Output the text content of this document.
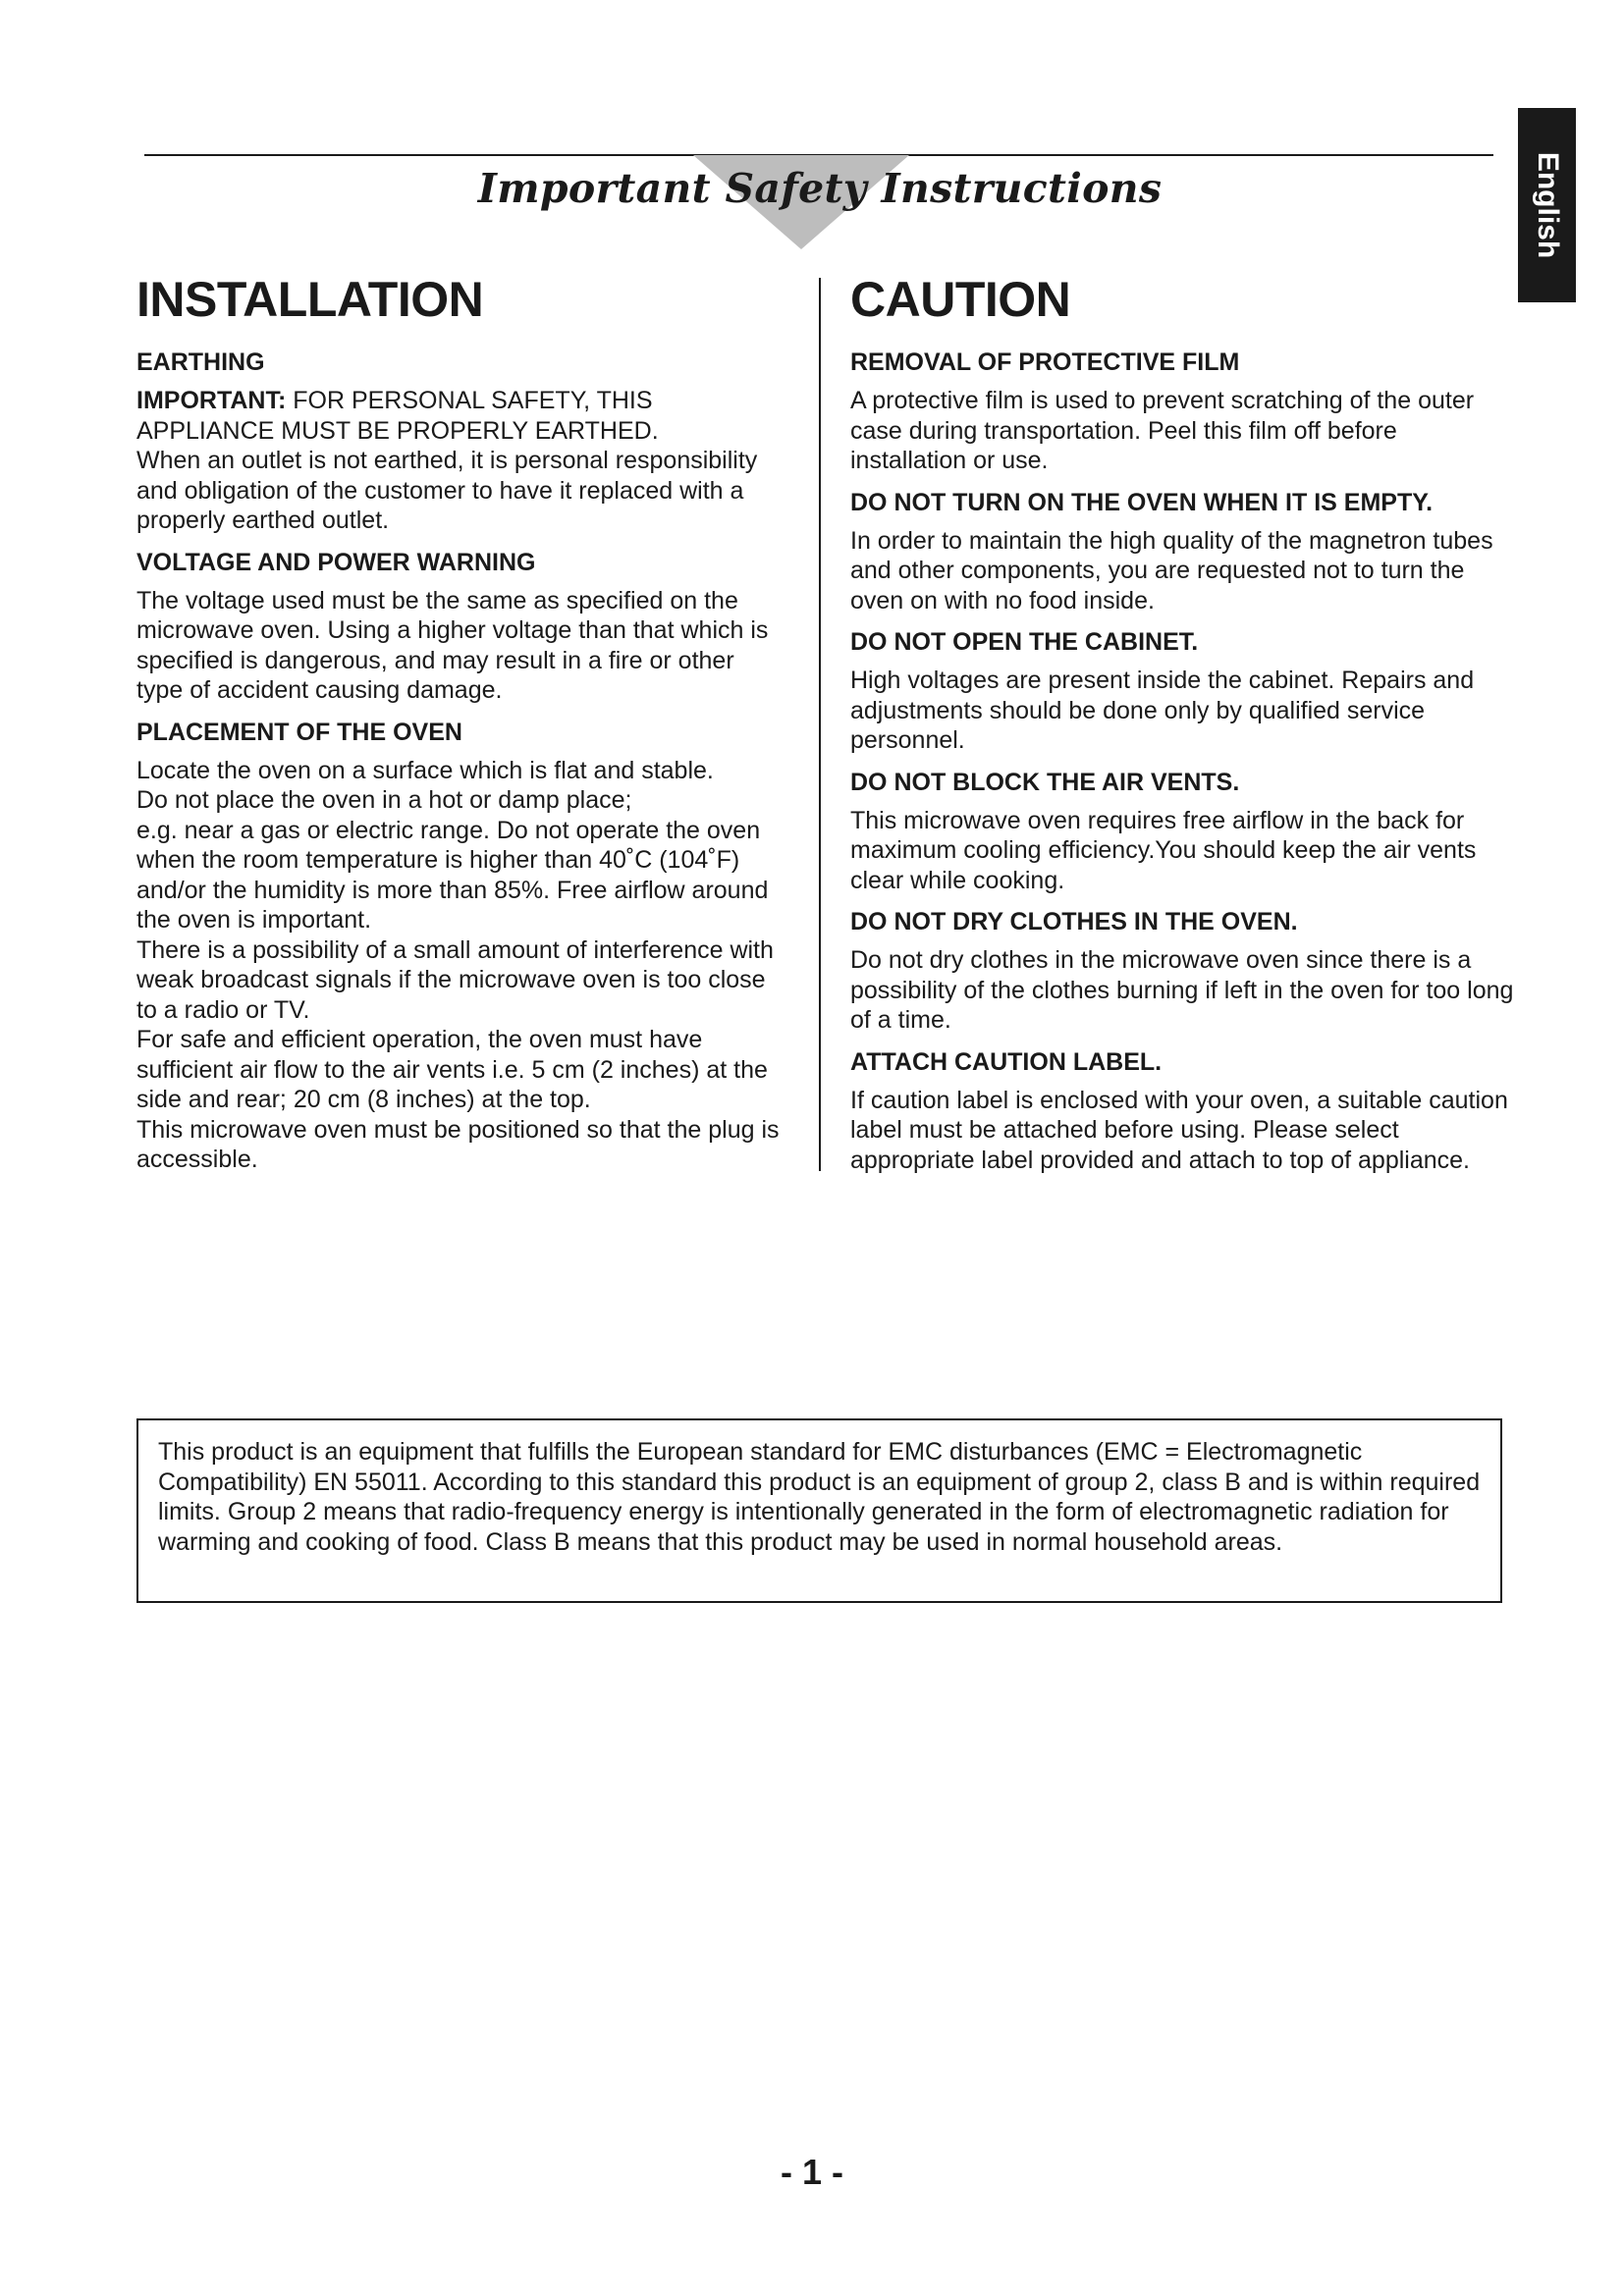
Important Safety Instructions	English
INSTALLATION
EARTHING

IMPORTANT: FOR PERSONAL SAFETY, THIS APPLIANCE MUST BE PROPERLY EARTHED.

When an outlet is not earthed, it is personal responsibility and obligation of the customer to have it replaced with a properly earthed outlet.

VOLTAGE AND POWER WARNING

The voltage used must be the same as specified on the microwave oven. Using a higher voltage than that which is specified is dangerous, and may result in a fire or other type of accident causing damage.

PLACEMENT OF THE OVEN

Locate the oven on a surface which is flat and stable.

Do not place the oven in a hot or damp place;

e.g. near a gas or electric range. Do not operate the oven when the room temperature is higher than 40˚C (104˚F) and/or the humidity is more than 85%. Free airflow around the oven is important.

There is a possibility of a small amount of interference with weak broadcast signals if the microwave oven is too close to a radio or TV.

For safe and efficient operation, the oven must have sufficient air flow to the air vents i.e. 5 cm (2 inches) at the side and rear; 20 cm (8 inches) at the top.

This microwave oven must be positioned so that the plug is accessible.

CAUTION
REMOVAL OF PROTECTIVE FILM

A protective film is used to prevent scratching of the outer case during transportation. Peel this film off before installation or use.

DO NOT TURN ON THE OVEN WHEN IT IS EMPTY.

In order to maintain the high quality of the magnetron tubes and other components, you are requested not to turn the oven on with no food inside.

DO NOT OPEN THE CABINET.

High voltages are present inside the cabinet. Repairs and adjustments should be done only by qualified service personnel.

DO NOT BLOCK THE AIR VENTS.

This microwave oven requires free airflow in the back for maximum cooling efficiency.You should keep the air vents clear while cooking.

DO NOT DRY CLOTHES IN THE OVEN.

Do not dry clothes in the microwave oven since there is a possibility of the clothes burning if left in the oven for too long of a time.

ATTACH CAUTION LABEL.

If caution label is enclosed with your oven, a suitable caution label must be attached before using. Please select appropriate label provided and attach to top of appliance.

This product is an equipment that fulfills the European standard for EMC disturbances (EMC = Electromagnetic Compatibility) EN 55011. According to this standard this product is an equipment of group 2, class B and is within required limits. Group 2 means that radio-frequency energy is intentionally generated in the form of electromagnetic radiation for warming and cooking of food. Class B means that this product may be used in normal household areas.

- 1 -
